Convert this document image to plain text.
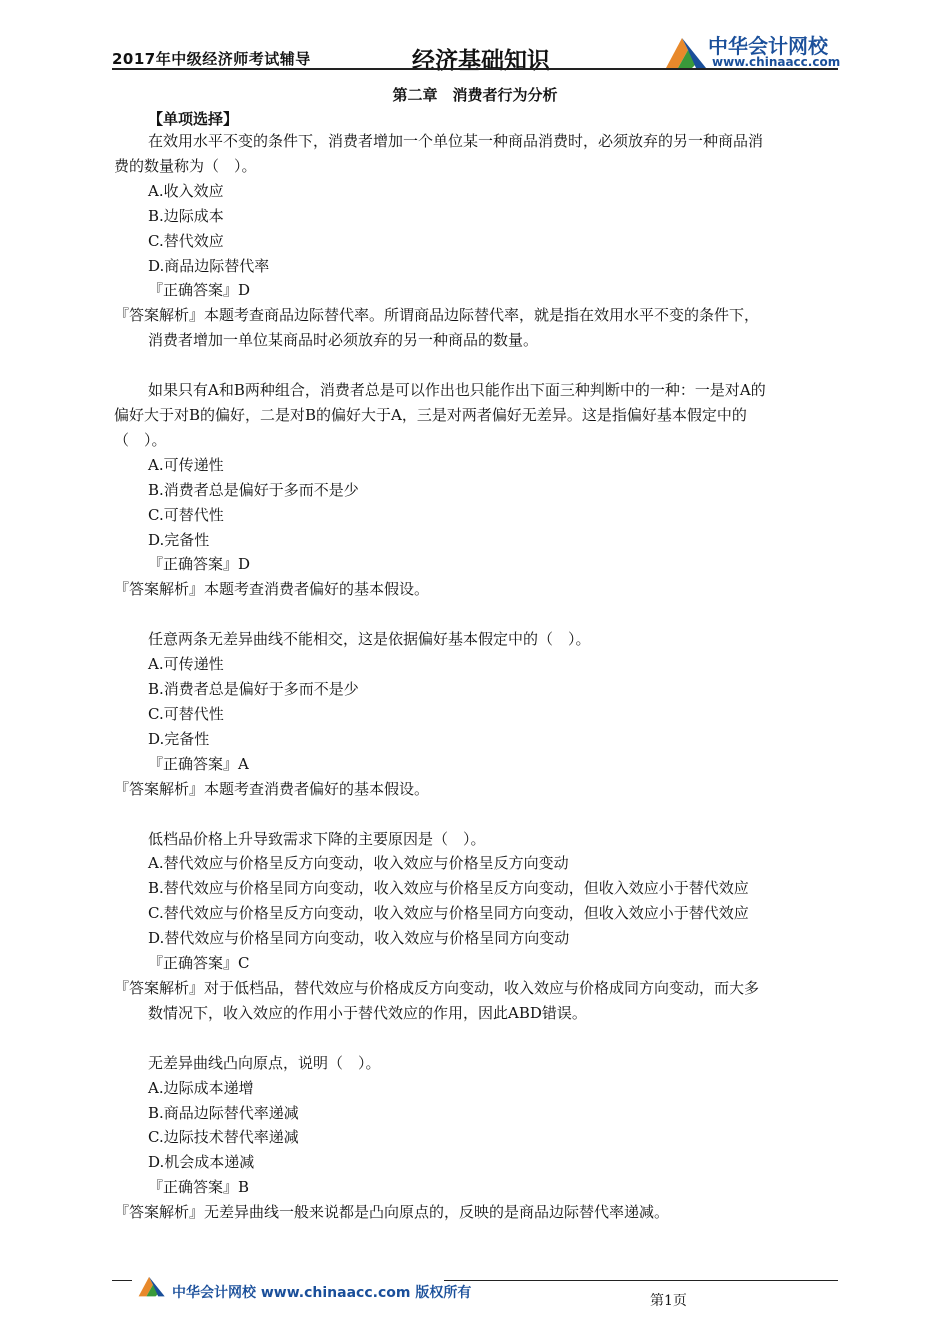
2017年中级经济师考试辅导	经济基础知识
中华会计网校
www.chinaacc.com
第二章　消费者行为分析
【单项选择】
在效用水平不变的条件下，消费者增加一个单位某一种商品消费时，必须放弃的另一种商品消
费的数量称为（　）。
A.收入效应
B.边际成本
C.替代效应
D.商品边际替代率
『正确答案』D
『答案解析』本题考查商品边际替代率。所谓商品边际替代率，就是指在效用水平不变的条件下，
消费者增加一单位某商品时必须放弃的另一种商品的数量。
如果只有A和B两种组合，消费者总是可以作出也只能作出下面三种判断中的一种：一是对A的
偏好大于对B的偏好，二是对B的偏好大于A，三是对两者偏好无差异。这是指偏好基本假定中的
（　）。
A.可传递性
B.消费者总是偏好于多而不是少
C.可替代性
D.完备性
『正确答案』D
『答案解析』本题考查消费者偏好的基本假设。
任意两条无差异曲线不能相交，这是依据偏好基本假定中的（　）。
A.可传递性
B.消费者总是偏好于多而不是少
C.可替代性
D.完备性
『正确答案』A
『答案解析』本题考查消费者偏好的基本假设。
低档品价格上升导致需求下降的主要原因是（　）。
A.替代效应与价格呈反方向变动，收入效应与价格呈反方向变动
B.替代效应与价格呈同方向变动，收入效应与价格呈反方向变动，但收入效应小于替代效应
C.替代效应与价格呈反方向变动，收入效应与价格呈同方向变动，但收入效应小于替代效应
D.替代效应与价格呈同方向变动，收入效应与价格呈同方向变动
『正确答案』C
『答案解析』对于低档品，替代效应与价格成反方向变动，收入效应与价格成同方向变动，而大多
数情况下，收入效应的作用小于替代效应的作用，因此ABD错误。
无差异曲线凸向原点，说明（　）。
A.边际成本递增
B.商品边际替代率递减
C.边际技术替代率递减
D.机会成本递减
『正确答案』B
『答案解析』无差异曲线一般来说都是凸向原点的，反映的是商品边际替代率递减。
中华会计网校 www.chinaacc.com 版权所有	第1页
